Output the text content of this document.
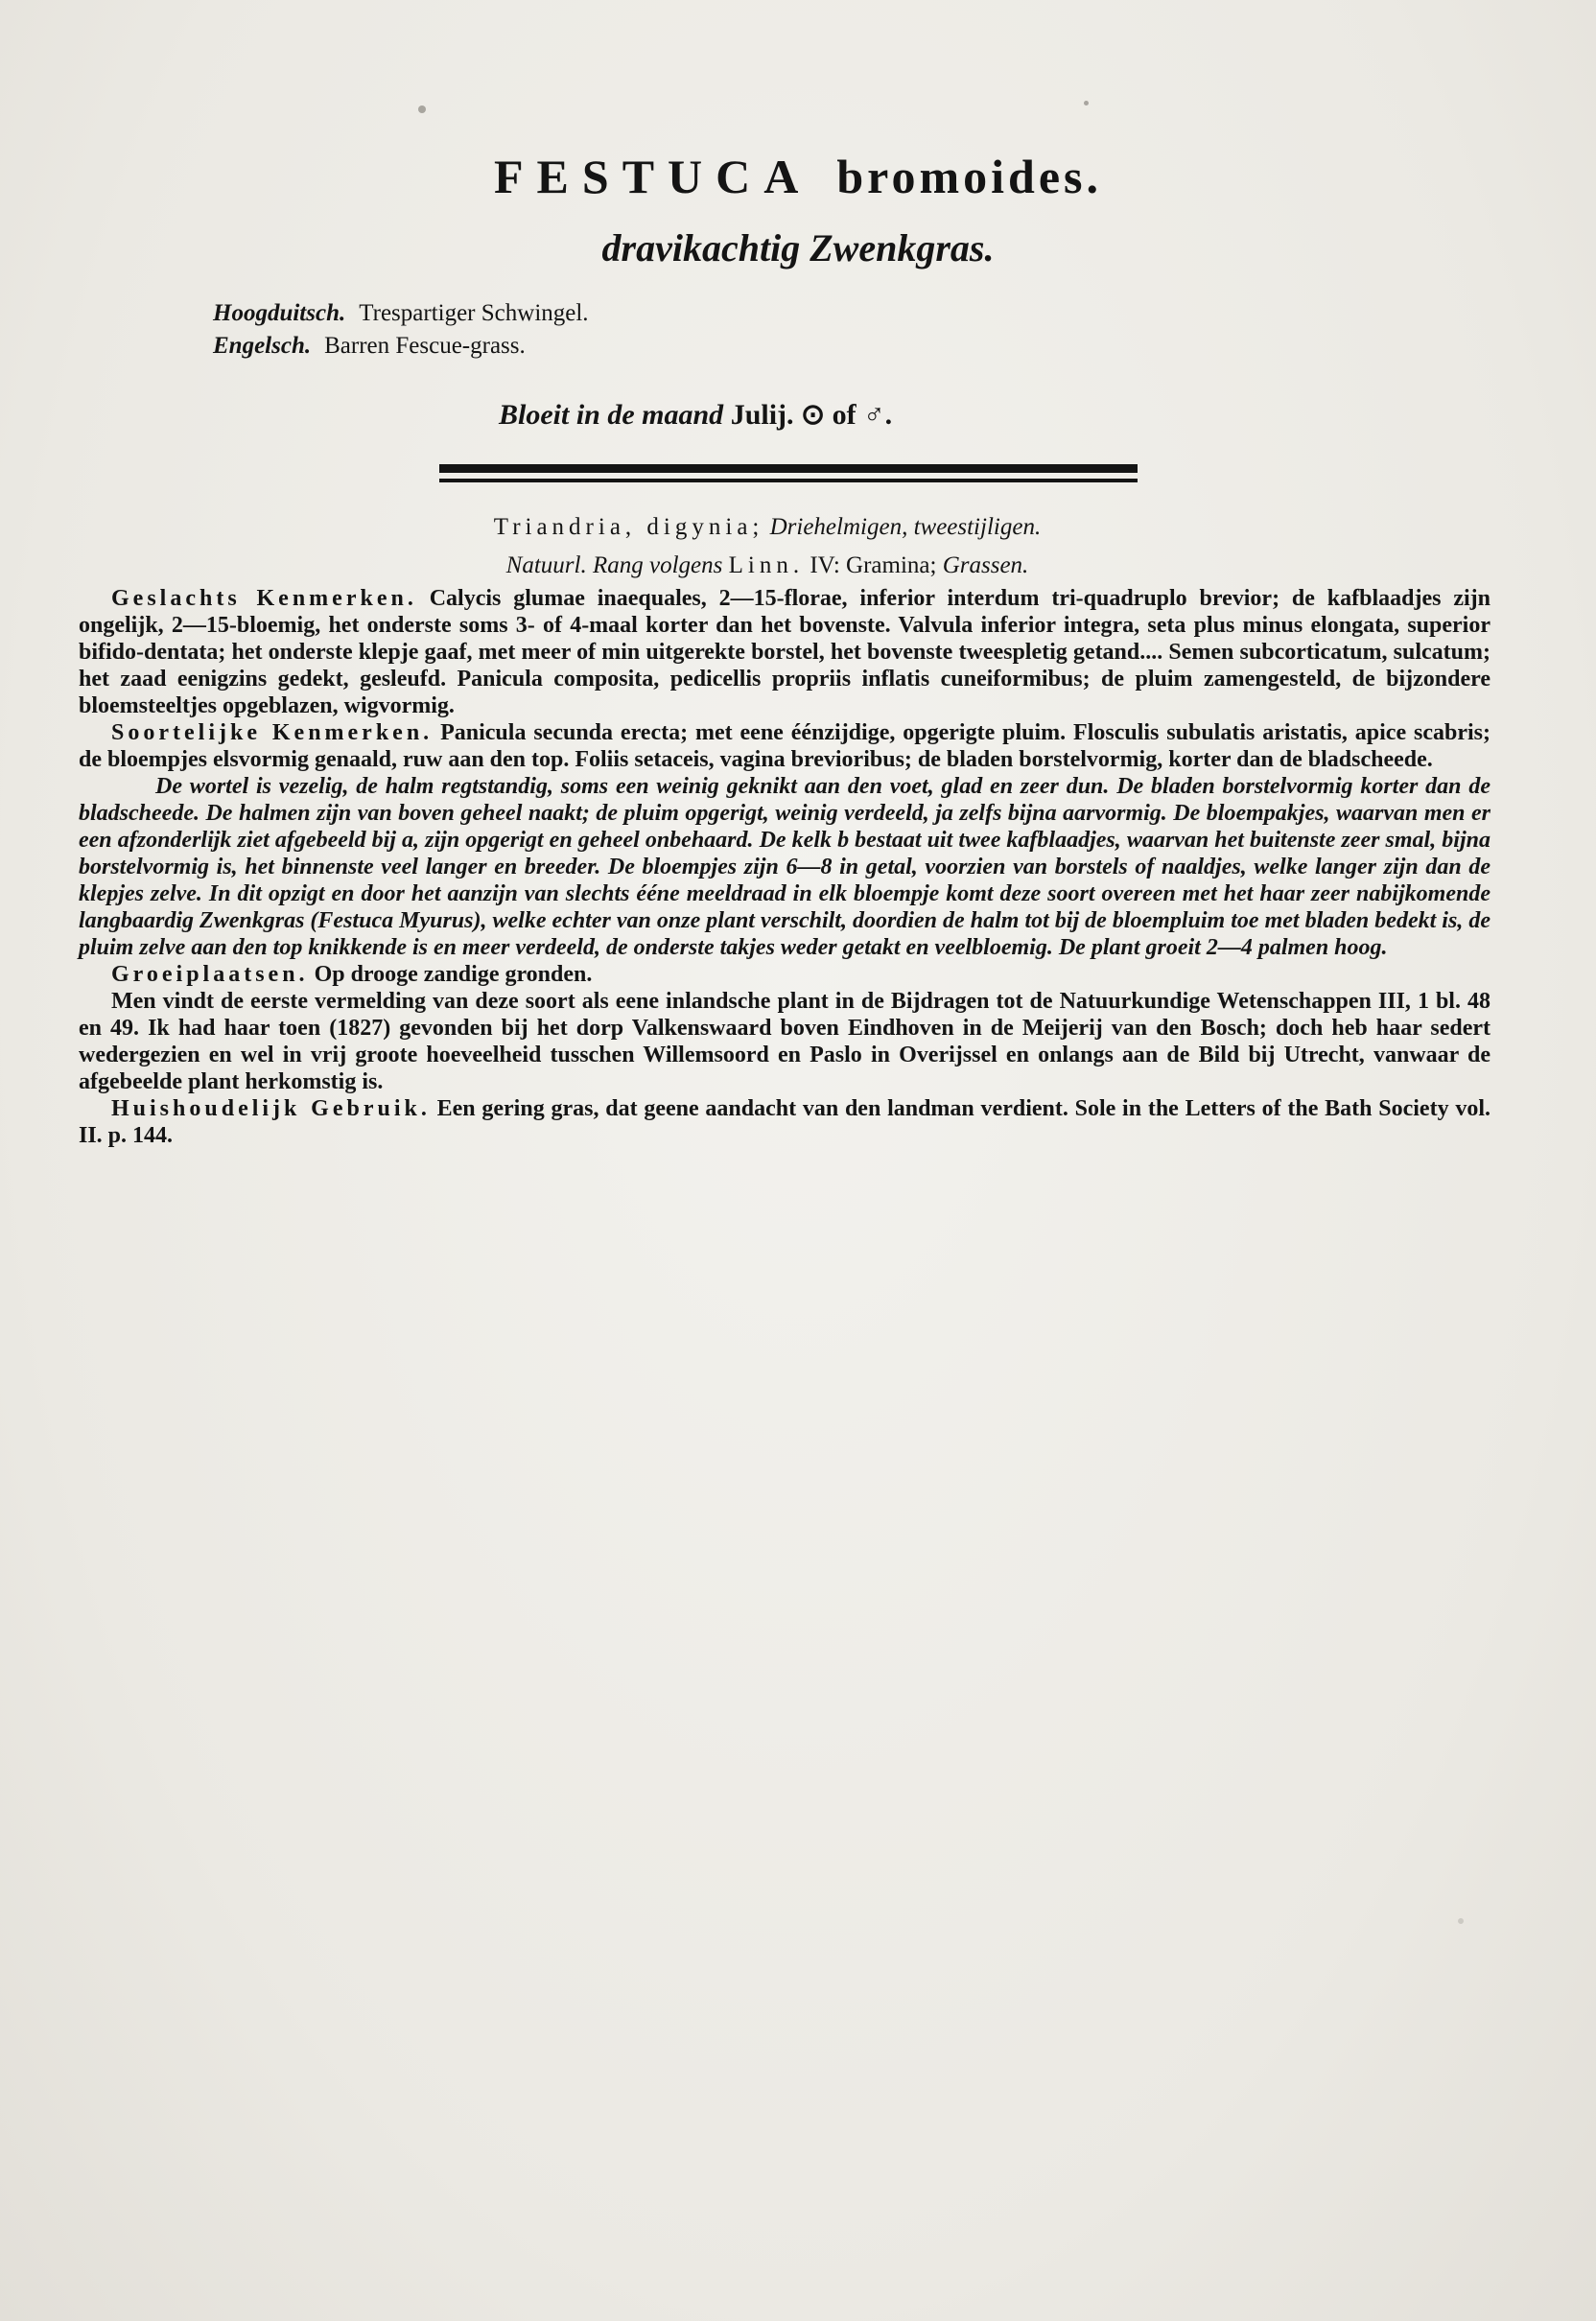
FESTUCA bromoides.
dravikachtig Zwenkgras.
Hoogduitsch. Trespartiger Schwingel.
Engelsch. Barren Fescue-grass.
Bloeit in de maand Julij. ⊙ of ♂.
Triandria, digynia; Driehelmigen, tweestijligen.
Natuurl. Rang volgens Linn. IV: Gramina; Grassen.

Geslachts Kenmerken. Calycis glumae inaequales, 2—15-florae, inferior interdum tri-quadruplo brevior; de kafblaadjes zijn ongelijk, 2—15-bloemig, het onderste soms 3- of 4-maal korter dan het bovenste. Valvula inferior integra, seta plus minus elongata, superior bifido-dentata; het onderste klepje gaaf, met meer of min uitgerekte borstel, het bovenste tweespletig getand.... Semen subcorticatum, sulcatum; het zaad eenigzins gedekt, gesleufd. Panicula composita, pedicellis propriis inflatis cuneiformibus; de pluim zamengesteld, de bijzondere bloemsteeltjes opgeblazen, wigvormig.

Soortelijke Kenmerken. Panicula secunda erecta; met eene éénzijdige, opgerigte pluim. Flosculis subulatis aristatis, apice scabris; de bloempjes elsvormig genaald, ruw aan den top. Foliis setaceis, vagina brevioribus; de bladen borstelvormig, korter dan de bladscheede.

De wortel is vezelig, de halm regtstandig, soms een weinig geknikt aan den voet, glad en zeer dun. De bladen borstelvormig korter dan de bladscheede. De halmen zijn van boven geheel naakt; de pluim opgerigt, weinig verdeeld, ja zelfs bijna aarvormig. De bloempakjes, waarvan men er een afzonderlijk ziet afgebeeld bij a, zijn opgerigt en geheel onbehaard. De kelk b bestaat uit twee kafblaadjes, waarvan het buitenste zeer smal, bijna borstelvormig is, het binnenste veel langer en breeder. De bloempjes zijn 6—8 in getal, voorzien van borstels of naaldjes, welke langer zijn dan de klepjes zelve. In dit opzigt en door het aanzijn van slechts ééne meeldraad in elk bloempje komt deze soort overeen met het haar zeer nabijkomende langbaardig Zwenkgras (Festuca Myurus), welke echter van onze plant verschilt, doordien de halm tot bij de bloempluim toe met bladen bedekt is, de pluim zelve aan den top knikkende is en meer verdeeld, de onderste takjes weder getakt en veelbloemig. De plant groeit 2—4 palmen hoog.

Groeiplaatsen. Op drooge zandige gronden.

Men vindt de eerste vermelding van deze soort als eene inlandsche plant in de Bijdragen tot de Natuurkundige Wetenschappen III, 1 bl. 48 en 49. Ik had haar toen (1827) gevonden bij het dorp Valkenswaard boven Eindhoven in de Meijerij van den Bosch; doch heb haar sedert wedergezien en wel in vrij groote hoeveelheid tusschen Willemsoord en Paslo in Overijssel en onlangs aan de Bild bij Utrecht, vanwaar de afgebeelde plant herkomstig is.

Huishoudelijk Gebruik. Een gering gras, dat geene aandacht van den landman verdient. Sole in the Letters of the Bath Society vol. II. p. 144.
